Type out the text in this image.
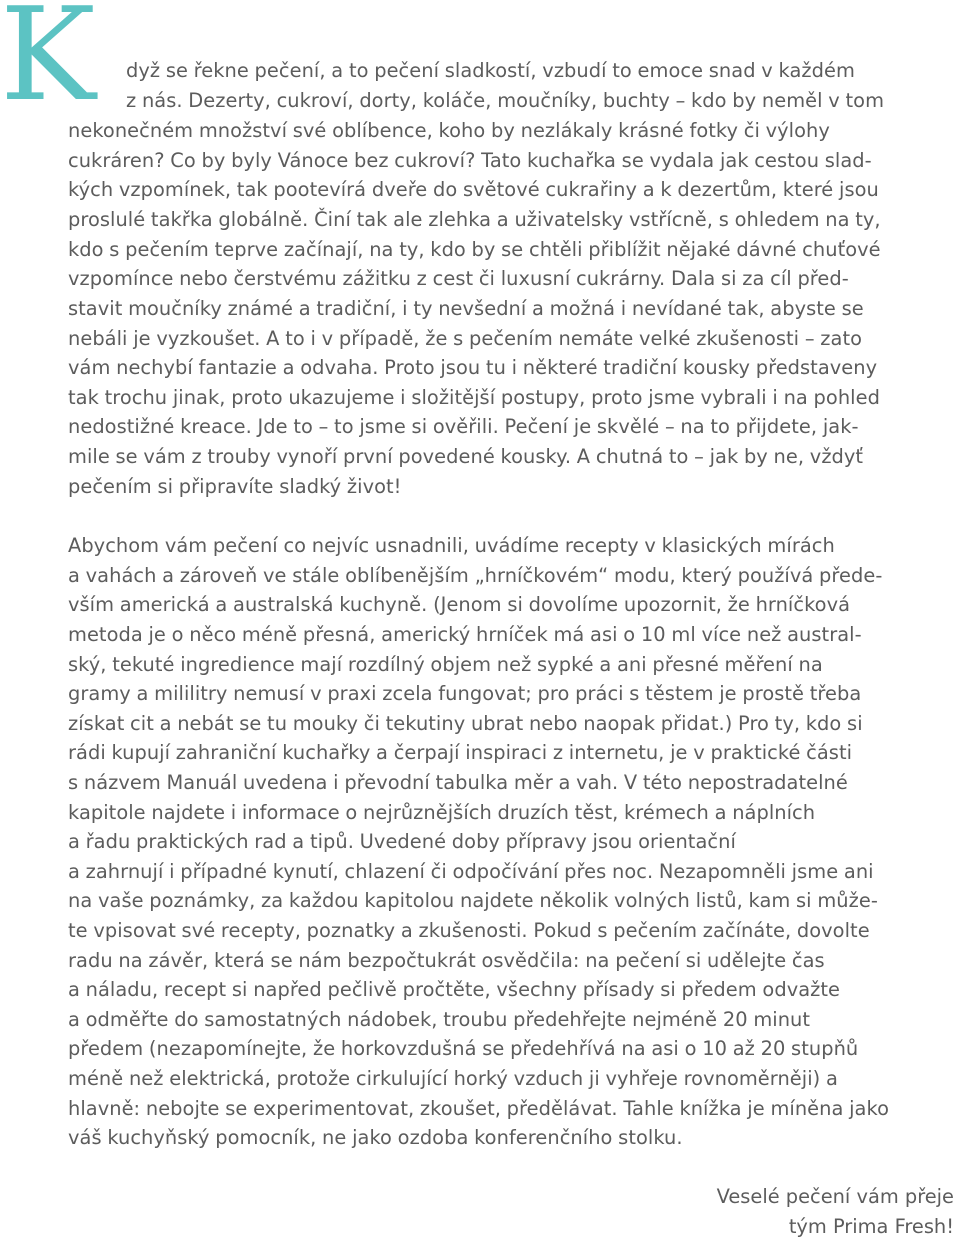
K dyž se řekne pečení, a to pečení sladkostí, vzbudí to emoce snad v každém
z nás. Dezerty, cukroví, dorty, koláče, moučníky, buchty – kdo by neměl v tom
nekonečném množství své oblíbence, koho by nezlákaly krásné fotky či výlohy
cukráren? Co by byly Vánoce bez cukroví? Tato kuchařka se vydala jak cestou slad-
kých vzpomínek, tak pootevírá dveře do světové cukrařiny a k dezertům, které jsou
proslulé takřka globálně. Činí tak ale zlehka a uživatelsky vstřícně, s ohledem na ty,
kdo s pečením teprve začínají, na ty, kdo by se chtěli přiblížit nějaké dávné chuťové
vzpomínce nebo čerstvému zážitku z cest či luxusní cukrárny. Dala si za cíl před-
stavit moučníky známé a tradiční, i ty nevšední a možná i nevídané tak, abyste se
nebáli je vyzkoušet. A to i v případě, že s pečením nemáte velké zkušenosti – zato
vám nechybí fantazie a odvaha. Proto jsou tu i některé tradiční kousky představeny
tak trochu jinak, proto ukazujeme i složitější postupy, proto jsme vybrali i na pohled
nedostižné kreace. Jde to – to jsme si ověřili. Pečení je skvělé – na to přijdete, jak-
mile se vám z trouby vynoří první povedené kousky. A chutná to – jak by ne, vždyť
pečením si připravíte sladký život!
Abychom vám pečení co nejvíc usnadnili, uvádíme recepty v klasických mírách
a vahách a zároveň ve stále oblíbenějším „hrníčkovém“ modu, který používá přede-
vším americká a australská kuchyně. (Jenom si dovolíme upozornit, že hrníčková
metoda je o něco méně přesná, americký hrníček má asi o 10 ml více než austral-
ský, tekuté ingredience mají rozdílný objem než sypké a ani přesné měření na
gramy a mililitry nemusí v praxi zcela fungovat; pro práci s těstem je prostě třeba
získat cit a nebát se tu mouky či tekutiny ubrat nebo naopak přidat.) Pro ty, kdo si
rádi kupují zahraniční kuchařky a čerpají inspiraci z internetu, je v praktické části
s názvem Manuál uvedena i převodní tabulka měr a vah. V této nepostradatelné
kapitole najdete i informace o nejrůznějších druzích těst, krémech a náplních
a řadu praktických rad a tipů. Uvedené doby přípravy jsou orientační
a zahrnují i případné kynutí, chlazení či odpočívání přes noc. Nezapomněli jsme ani
na vaše poznámky, za každou kapitolou najdete několik volných listů, kam si může-
te vpisovat své recepty, poznatky a zkušenosti. Pokud s pečením začínáte, dovolte
radu na závěr, která se nám bezpočtukrát osvědčila: na pečení si udělejte čas
a náladu, recept si napřed pečlivě pročtěte, všechny přísady si předem odvažte
a odměřte do samostatných nádobek, troubu předehřejte nejméně 20 minut
předem (nezapomínejte, že horkovzdušná se předehřívá na asi o 10 až 20 stupňů
méně než elektrická, protože cirkulující horký vzduch ji vyhřeje rovnoměrněji) a
hlavně: nebojte se experimentovat, zkoušet, předělávat. Tahle knížka je míněna jako
váš kuchyňský pomocník, ne jako ozdoba konferenčního stolku.
Veselé pečení vám přeje
tým Prima Fresh!
